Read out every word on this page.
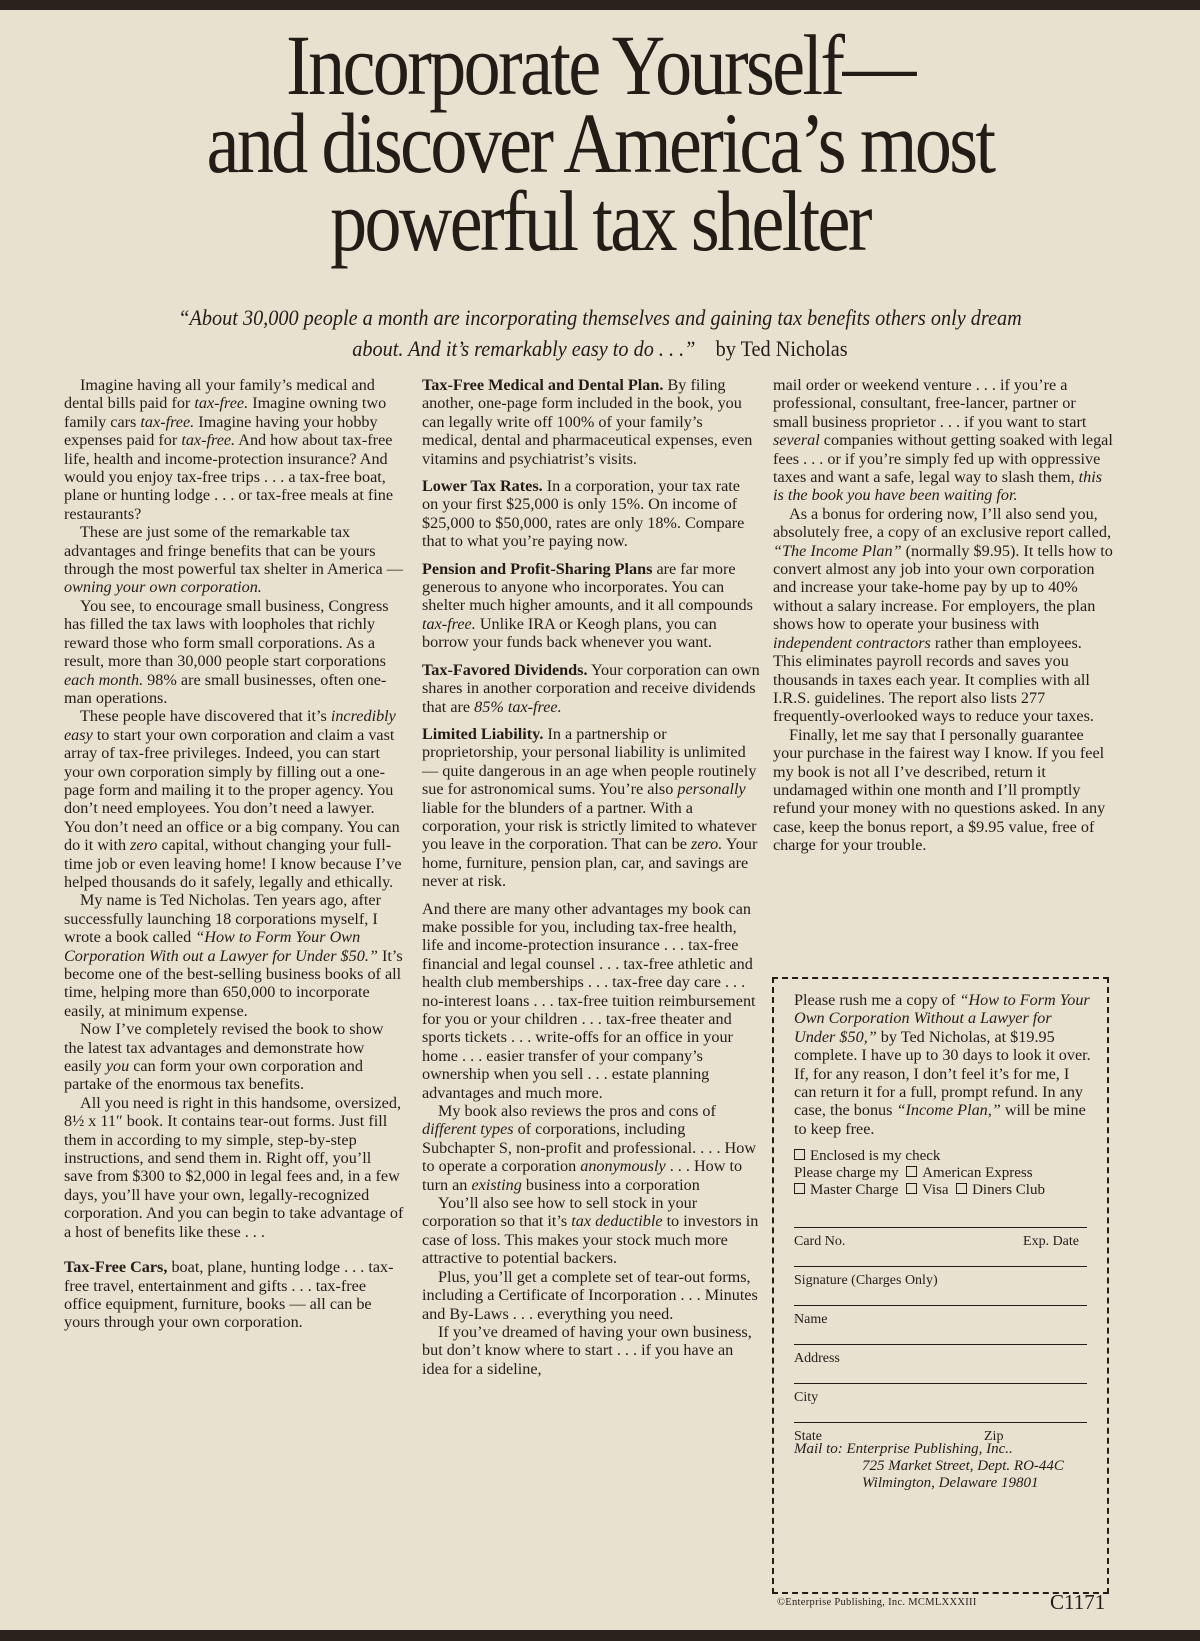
Incorporate Yourself—
and discover America’s most
powerful tax shelter
“About 30,000 people a month are incorporating themselves and gaining tax benefits others only dream
about. And it’s remarkably easy to do . . .” by Ted Nicholas

Imagine having all your family’s medical and dental bills paid for tax-free. Imagine owning two family cars tax-free. Imagine having your hobby expenses paid for tax-free. And how about tax-free life, health and income-protection insurance? And would you enjoy tax-free trips . . . a tax-free boat, plane or hunting lodge . . . or tax-free meals at fine restaurants?

These are just some of the remarkable tax advantages and fringe benefits that can be yours through the most powerful tax shelter in America — owning your own corporation.

You see, to encourage small business, Congress has filled the tax laws with loopholes that richly reward those who form small corporations. As a result, more than 30,000 people start corporations each month. 98% are small businesses, often one-man operations.

These people have discovered that it’s incredibly easy to start your own corporation and claim a vast array of tax-free privileges. Indeed, you can start your own corporation simply by filling out a one-page form and mailing it to the proper agency. You don’t need employees. You don’t need a lawyer. You don’t need an office or a big company. You can do it with zero capital, without changing your full-time job or even leaving home! I know because I’ve helped thousands do it safely, legally and ethically.

My name is Ted Nicholas. Ten years ago, after successfully launching 18 corporations myself, I wrote a book called “How to Form Your Own Corporation With out a Lawyer for Under $50.” It’s become one of the best-selling business books of all time, helping more than 650,000 to incorporate easily, at minimum expense.

Now I’ve completely revised the book to show the latest tax advantages and demonstrate how easily you can form your own corporation and partake of the enormous tax benefits.

All you need is right in this handsome, oversized, 8½ x 11″ book. It contains tear-out forms. Just fill them in according to my simple, step-by-step instructions, and send them in. Right off, you’ll save from $300 to $2,000 in legal fees and, in a few days, you’ll have your own, legally-recognized corporation. And you can begin to take advantage of a host of benefits like these . . .

Tax-Free Cars, boat, plane, hunting lodge . . . tax-free travel, entertainment and gifts . . . tax-free office equipment, furniture, books — all can be yours through your own corporation.

Tax-Free Medical and Dental Plan. By filing another, one-page form included in the book, you can legally write off 100% of your family’s medical, dental and pharmaceutical expenses, even vitamins and psychiatrist’s visits.

Lower Tax Rates. In a corporation, your tax rate on your first $25,000 is only 15%. On income of $25,000 to $50,000, rates are only 18%. Compare that to what you’re paying now.

Pension and Profit-Sharing Plans are far more generous to anyone who incorporates. You can shelter much higher amounts, and it all compounds tax-free. Unlike IRA or Keogh plans, you can borrow your funds back whenever you want.

Tax-Favored Dividends. Your corporation can own shares in another corporation and receive dividends that are 85% tax-free.

Limited Liability. In a partnership or proprietorship, your personal liability is unlimited — quite dangerous in an age when people routinely sue for astronomical sums. You’re also personally liable for the blunders of a partner. With a corporation, your risk is strictly limited to whatever you leave in the corporation. That can be zero. Your home, furniture, pension plan, car, and savings are never at risk.

And there are many other advantages my book can make possible for you, including tax-free health, life and income-protection insurance . . . tax-free financial and legal counsel . . . tax-free athletic and health club memberships . . . tax-free day care . . . no-interest loans . . . tax-free tuition reimbursement for you or your children . . . tax-free theater and sports tickets . . . write-offs for an office in your home . . . easier transfer of your company’s ownership when you sell . . . estate planning advantages and much more.

My book also reviews the pros and cons of different types of corporations, including Subchapter S, non-profit and professional. . . . How to operate a corporation anonymously . . . How to turn an existing business into a corporation

You’ll also see how to sell stock in your corporation so that it’s tax deductible to investors in case of loss. This makes your stock much more attractive to potential backers.

Plus, you’ll get a complete set of tear-out forms, including a Certificate of Incorporation . . . Minutes and By-Laws . . . everything you need.

If you’ve dreamed of having your own business, but don’t know where to start . . . if you have an idea for a sideline,

mail order or weekend venture . . . if you’re a professional, consultant, free-lancer, partner or small business proprietor . . . if you want to start several companies without getting soaked with legal fees . . . or if you’re simply fed up with oppressive taxes and want a safe, legal way to slash them, this is the book you have been waiting for.

As a bonus for ordering now, I’ll also send you, absolutely free, a copy of an exclusive report called, “The Income Plan” (normally $9.95). It tells how to convert almost any job into your own corporation and increase your take-home pay by up to 40% without a salary increase. For employers, the plan shows how to operate your business with independent contractors rather than employees. This eliminates payroll records and saves you thousands in taxes each year. It complies with all I.R.S. guidelines. The report also lists 277 frequently-overlooked ways to reduce your taxes.

Finally, let me say that I personally guarantee your purchase in the fairest way I know. If you feel my book is not all I’ve described, return it undamaged within one month and I’ll promptly refund your money with no questions asked. In any case, keep the bonus report, a $9.95 value, free of charge for your trouble.

Please rush me a copy of “How to Form Your Own Corporation Without a Lawyer for Under $50,” by Ted Nicholas, at $19.95 complete. I have up to 30 days to look it over. If, for any reason, I don’t feel it’s for me, I can return it for a full, prompt refund. In any case, the bonus “Income Plan,” will be mine to keep free.

Enclosed is my check
Please charge my American Express
Master Charge Visa Diners Club
Card No.	Exp. Date
Signature (Charges Only)
Name
Address
City
State	Zip
Mail to: Enterprise Publishing, Inc..
725 Market Street, Dept. RO-44C
Wilmington, Delaware 19801
©Enterprise Publishing, Inc. MCMLXXXIII	C1171
